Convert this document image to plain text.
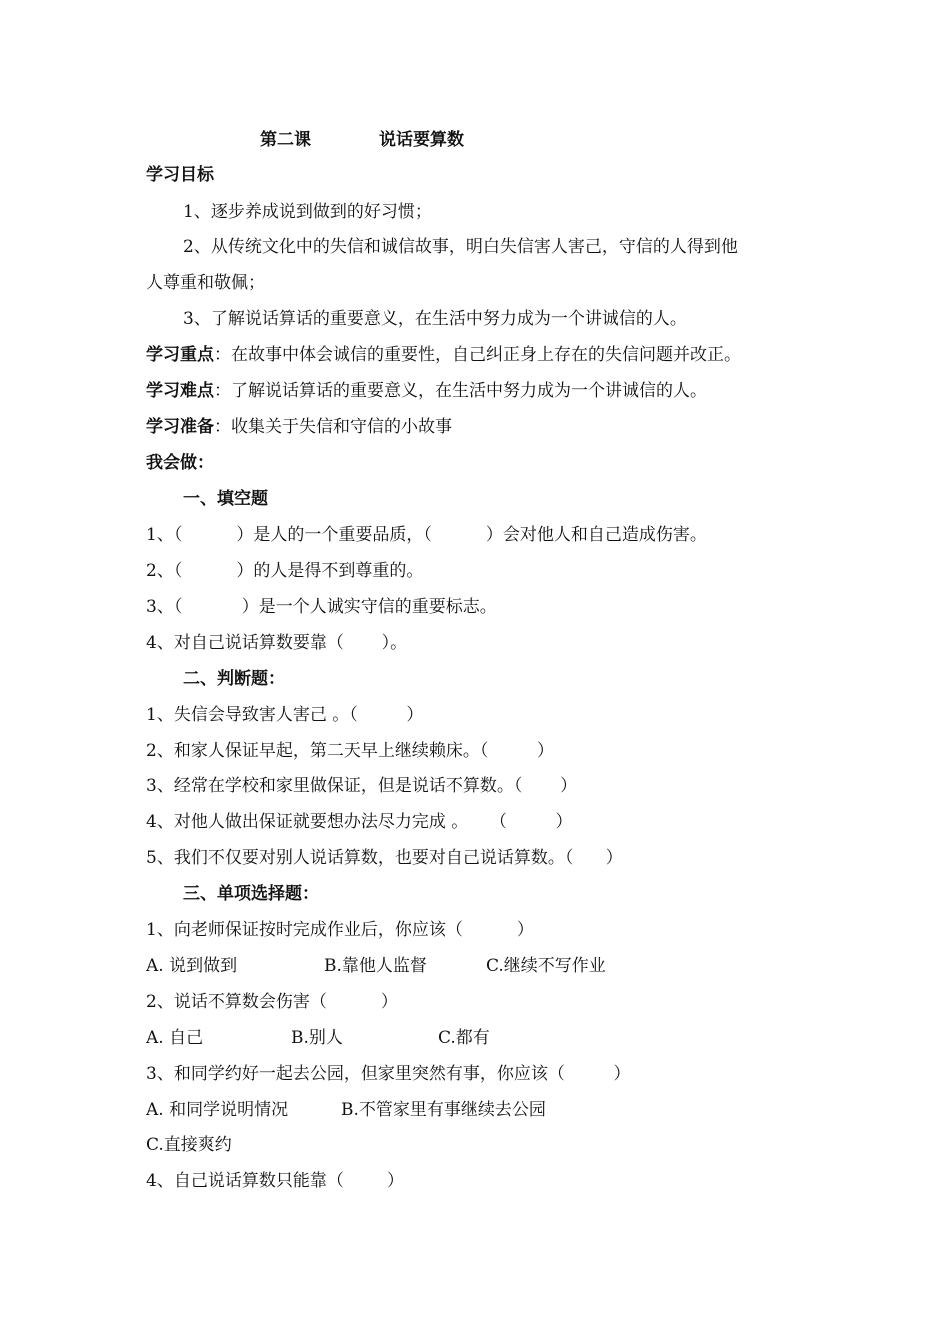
第二课	说话要算数
学习目标
1、逐步养成说到做到的好习惯；
2、从传统文化中的失信和诚信故事，明白失信害人害己，守信的人得到他
人尊重和敬佩；
3、了解说话算话的重要意义，在生活中努力成为一个讲诚信的人。
学习重点：在故事中体会诚信的重要性，自己纠正身上存在的失信问题并改正。
学习难点：了解说话算话的重要意义，在生活中努力成为一个讲诚信的人。
学习准备：收集关于失信和守信的小故事
我会做：
一、填空题
1、（          ）是人的一个重要品质，（          ）会对他人和自己造成伤害。
2、（          ）的人是得不到尊重的。
3、（           ）是一个人诚实守信的重要标志。
4、对自己说话算数要靠（       ）。
二、判断题：
1、失信会导致害人害己 。（         ）
2、和家人保证早起，第二天早上继续赖床。（         ）
3、经常在学校和家里做保证，但是说话不算数。（       ）
4、对他人做出保证就要想办法尽力完成 。    （         ）
5、我们不仅要对别人说话算数，也要对自己说话算数。（      ）
三、单项选择题：
1、向老师保证按时完成作业后，你应该（          ）
A. 说到做到	B.靠他人监督	C.继续不写作业
2、说话不算数会伤害（          ）
A. 自己	B.别人	C.都有
3、和同学约好一起去公园，但家里突然有事，你应该（         ）
A. 和同学说明情况	B.不管家里有事继续去公园
C.直接爽约
4、自己说话算数只能靠（        ）
